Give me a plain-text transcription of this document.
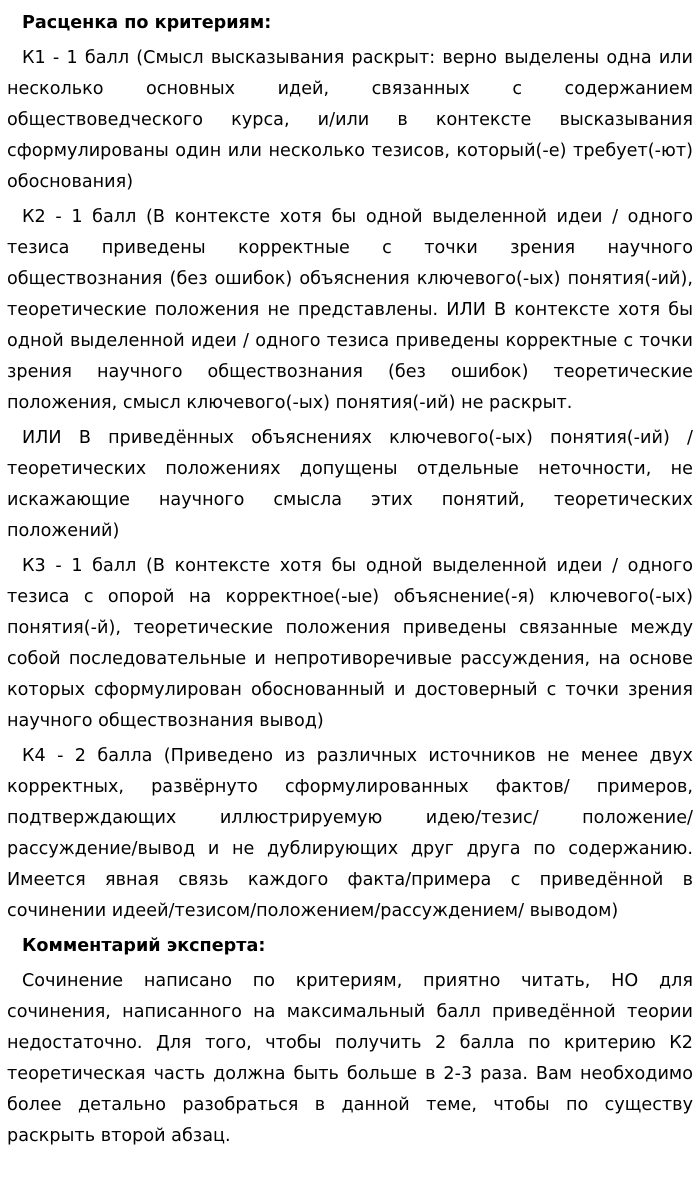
Расценка по критериям:

К1 - 1 балл (Смысл высказывания раскрыт: верно выделены одна или несколько основных идей, связанных с содержанием обществоведческого курса, и/или в контексте высказывания сформулированы один или несколько тезисов, который(-е) требует(-ют) обоснования)

К2 - 1 балл (В контексте хотя бы одной выделенной идеи / одного тезиса приведены корректные с точки зрения научного обществознания (без ошибок) объяснения ключевого(-ых) понятия(-ий), теоретические положения не представлены. ИЛИ В контексте хотя бы одной выделенной идеи / одного тезиса приведены корректные с точки зрения научного обществознания (без ошибок) теоретические положения, смысл ключевого(-ых) понятия(-ий) не раскрыт.

ИЛИ В приведённых объяснениях ключевого(-ых) понятия(-ий) / теоретических положениях допущены отдельные неточности, не искажающие научного смысла этих понятий, теоретических положений)

К3 - 1 балл (В контексте хотя бы одной выделенной идеи / одного тезиса с опорой на корректное(-ые) объяснение(-я) ключевого(-ых) понятия(-й), теоретические положения приведены связанные между собой последовательные и непротиворечивые рассуждения, на основе которых сформулирован обоснованный и достоверный с точки зрения научного обществознания вывод)

К4 - 2 балла (Приведено из различных источников не менее двух корректных, развёрнуто сформулированных фактов/ примеров, подтверждающих иллюстрируемую идею/тезис/ положение/ рассуждение/вывод и не дублирующих друг друга по содержанию. Имеется явная связь каждого факта/примера с приведённой в сочинении идеей/тезисом/положением/рассуждением/ выводом)

Комментарий эксперта:

Сочинение написано по критериям, приятно читать, НО для сочинения, написанного на максимальный балл приведённой теории недостаточно. Для того, чтобы получить 2 балла по критерию К2 теоретическая часть должна быть больше в 2-3 раза. Вам необходимо более детально разобраться в данной теме, чтобы по существу раскрыть второй абзац.
